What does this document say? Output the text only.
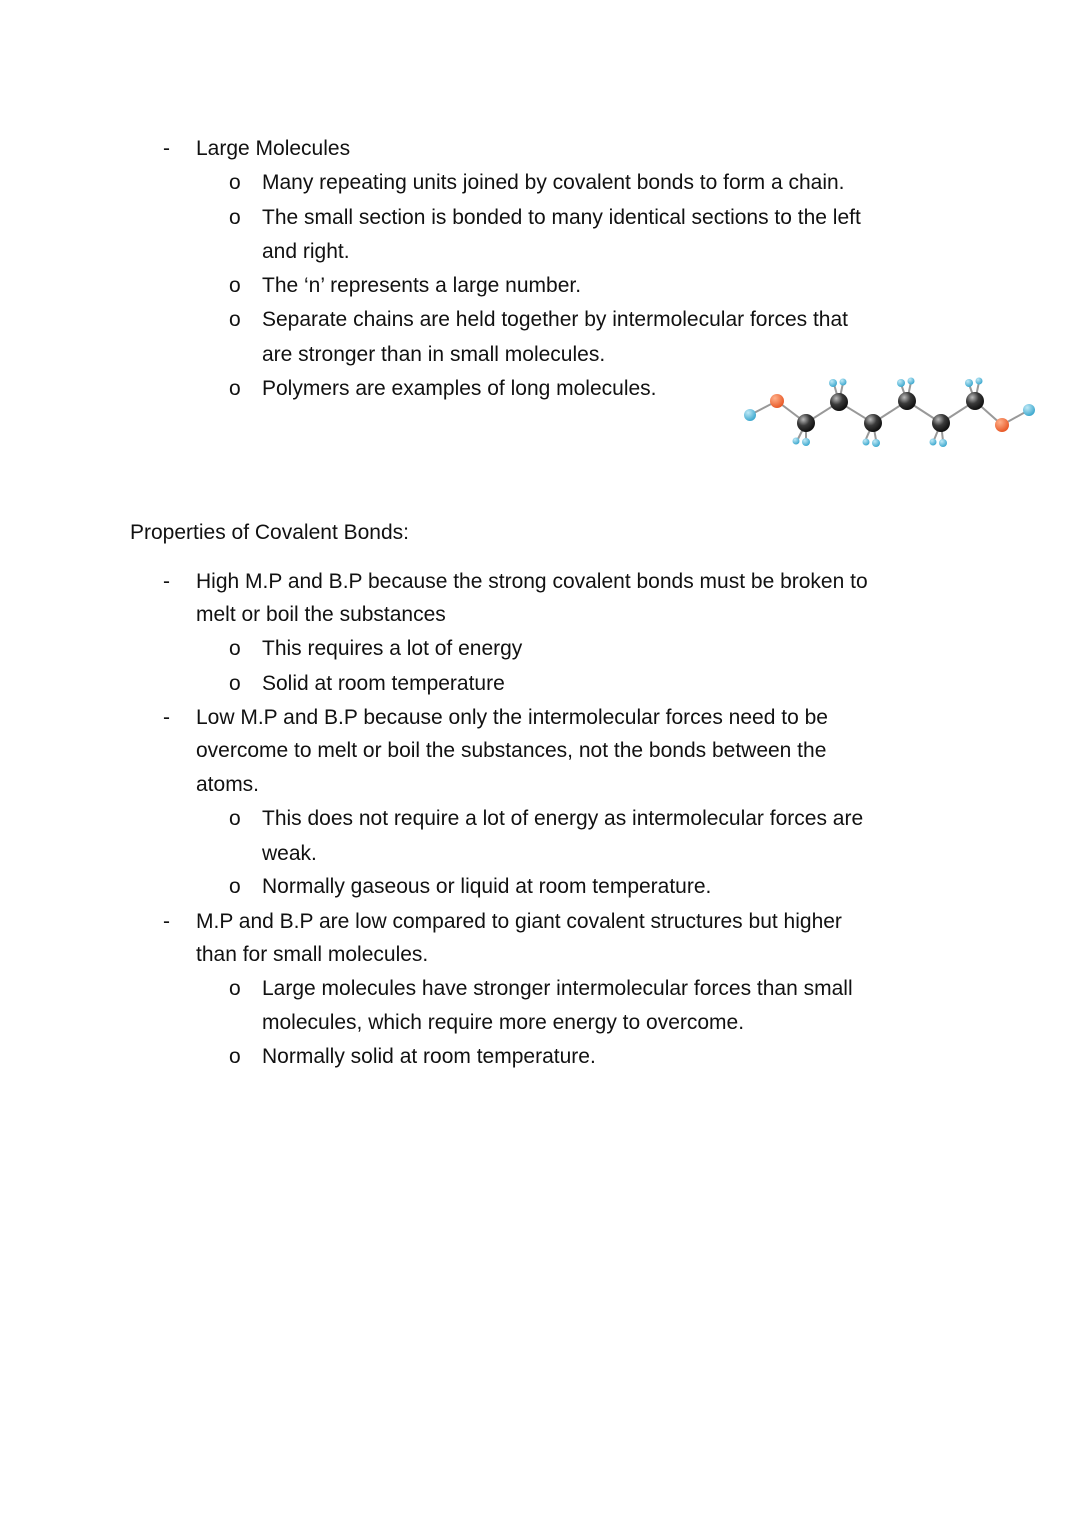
- Large Molecules
o Many repeating units joined by covalent bonds to form a chain.
o The small section is bonded to many identical sections to the left
and right.
o The ‘n’ represents a large number.
o Separate chains are held together by intermolecular forces that
are stronger than in small molecules.
o Polymers are examples of long molecules.
Properties of Covalent Bonds:
- High M.P and B.P because the strong covalent bonds must be broken to
melt or boil the substances
o This requires a lot of energy
o Solid at room temperature
- Low M.P and B.P because only the intermolecular forces need to be
overcome to melt or boil the substances, not the bonds between the
atoms.
o This does not require a lot of energy as intermolecular forces are
weak.
o Normally gaseous or liquid at room temperature.
- M.P and B.P are low compared to giant covalent structures but higher
than for small molecules.
o Large molecules have stronger intermolecular forces than small
molecules, which require more energy to overcome.
o Normally solid at room temperature.
